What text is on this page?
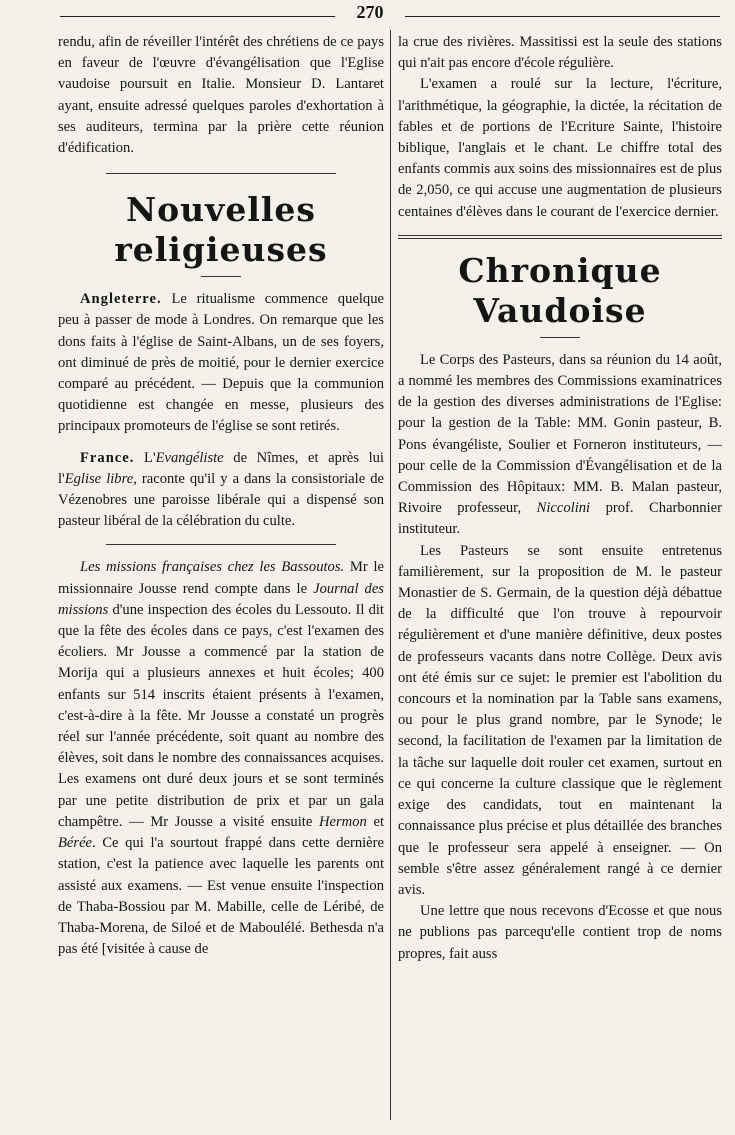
270

rendu, afin de réveiller l'intérêt des chrétiens de ce pays en faveur de l'œuvre d'évangélisation que l'Eglise vaudoise poursuit en Italie. Monsieur D. Lantaret ayant, ensuite adressé quelques paroles d'exhortation à ses auditeurs, termina par la prière cette réunion d'édification.

Nouvelles religieuses

Angleterre. Le ritualisme commence quelque peu à passer de mode à Londres. On remarque que les dons faits à l'église de Saint-Albans, un de ses foyers, ont diminué de près de moitié, pour le dernier exercice comparé au précédent. — Depuis que la communion quotidienne est changée en messe, plusieurs des principaux promoteurs de l'église se sont retirés.

France. L'Evangéliste de Nîmes, et après lui l'Eglise libre, raconte qu'il y a dans la consistoriale de Vézenobres une paroisse libérale qui a dispensé son pasteur libéral de la célébration du culte.

Les missions françaises chez les Bassoutos. Mr le missionnaire Jousse rend compte dans le Journal des missions d'une inspection des écoles du Lessouto. Il dit que la fête des écoles dans ce pays, c'est l'examen des écoliers. Mr Jousse a commencé par la station de Morija qui a plusieurs annexes et huit écoles; 400 enfants sur 514 inscrits étaient présents à l'examen, c'est-à-dire à la fête. Mr Jousse a constaté un progrès réel sur l'année précédente, soit quant au nombre des élèves, soit dans le nombre des connaissances acquises. Les examens ont duré deux jours et se sont terminés par une petite distribution de prix et par un gala champêtre. — Mr Jousse a visité ensuite Hermon et Bérée. Ce qui l'a sourtout frappé dans cette dernière station, c'est la patience avec laquelle les parents ont assisté aux examens. — Est venue ensuite l'inspection de Thaba-Bossiou par M. Mabille, celle de Léribé, de Thaba-Morena, de Siloé et de Maboulélé. Bethesda n'a pas été [visitée à cause de

la crue des rivières. Massitissi est la seule des stations qui n'ait pas encore d'école régulière.

L'examen a roulé sur la lecture, l'écriture, l'arithmétique, la géographie, la dictée, la récitation de fables et de portions de l'Ecriture Sainte, l'histoire biblique, l'anglais et le chant. Le chiffre total des enfants commis aux soins des missionnaires est de plus de 2,050, ce qui accuse une augmentation de plusieurs centaines d'élèves dans le courant de l'exercice dernier.

Chronique Vaudoise

Le Corps des Pasteurs, dans sa réunion du 14 août, a nommé les membres des Commissions examinatrices de la gestion des diverses administrations de l'Eglise: pour la gestion de la Table: MM. Gonin pasteur, B. Pons évangéliste, Soulier et Forneron instituteurs, — pour celle de la Commission d'Évangélisation et de la Commission des Hôpitaux: MM. B. Malan pasteur, Rivoire professeur, Niccolini prof. Charbonnier instituteur.

Les Pasteurs se sont ensuite entretenus familièrement, sur la proposition de M. le pasteur Monastier de S. Germain, de la question déjà débattue de la difficulté que l'on trouve à repourvoir régulièrement et d'une manière définitive, deux postes de professeurs vacants dans notre Collège. Deux avis ont été émis sur ce sujet: le premier est l'abolition du concours et la nomination par la Table sans examens, ou pour le plus grand nombre, par le Synode; le second, la facilitation de l'examen par la limitation de la tâche sur laquelle doit rouler cet examen, surtout en ce qui concerne la culture classique que le règlement exige des candidats, tout en maintenant la connaissance plus précise et plus détaillée des branches que le professeur sera appelé à enseigner. — On semble s'être assez généralement rangé à ce dernier avis.

Une lettre que nous recevons d'Ecosse et que nous ne publions pas parcequ'elle contient trop de noms propres, fait auss
